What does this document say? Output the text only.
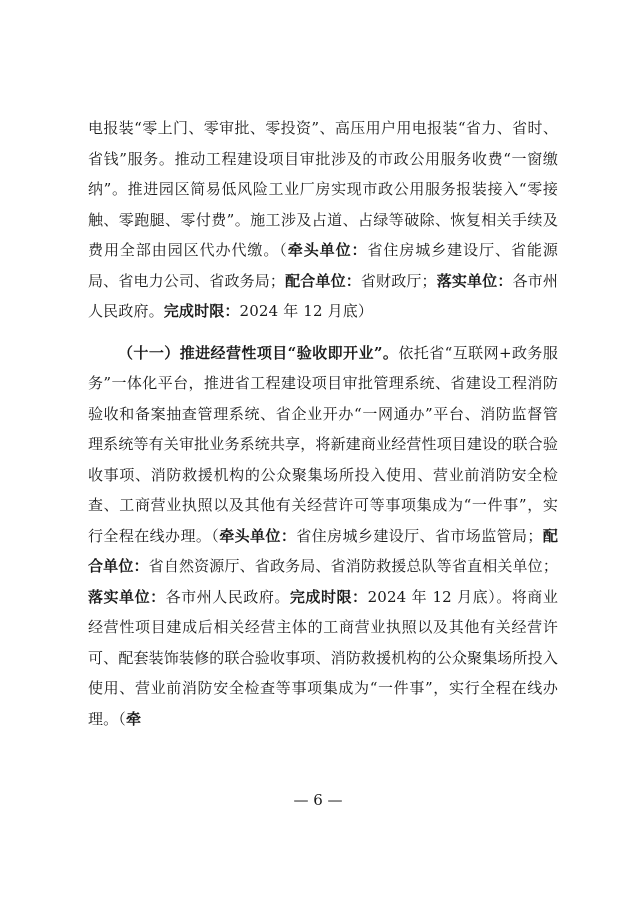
电报装“零上门、零审批、零投资”、高压用户用电报装“省力、省时、省钱”服务。推动工程建设项目审批涉及的市政公用服务收费“一窗缴纳”。推进园区简易低风险工业厂房实现市政公用服务报装接入“零接触、零跑腿、零付费”。施工涉及占道、占绿等破除、恢复相关手续及费用全部由园区代办代缴。（牵头单位：省住房城乡建设厅、省能源局、省电力公司、省政务局；配合单位：省财政厅；落实单位：各市州人民政府。完成时限：2024 年 12 月底）

（十一）推进经营性项目“验收即开业”。依托省“互联网+政务服务”一体化平台，推进省工程建设项目审批管理系统、省建设工程消防验收和备案抽查管理系统、省企业开办“一网通办”平台、消防监督管理系统等有关审批业务系统共享，将新建商业经营性项目建设的联合验收事项、消防救援机构的公众聚集场所投入使用、营业前消防安全检查、工商营业执照以及其他有关经营许可等事项集成为“一件事”，实行全程在线办理。（牵头单位：省住房城乡建设厅、省市场监管局；配合单位：省自然资源厅、省政务局、省消防救援总队等省直相关单位；落实单位：各市州人民政府。完成时限：2024 年 12 月底）。将商业经营性项目建成后相关经营主体的工商营业执照以及其他有关经营许可、配套装饰装修的联合验收事项、消防救援机构的公众聚集场所投入使用、营业前消防安全检查等事项集成为“一件事”，实行全程在线办理。（牵

— 6 —
